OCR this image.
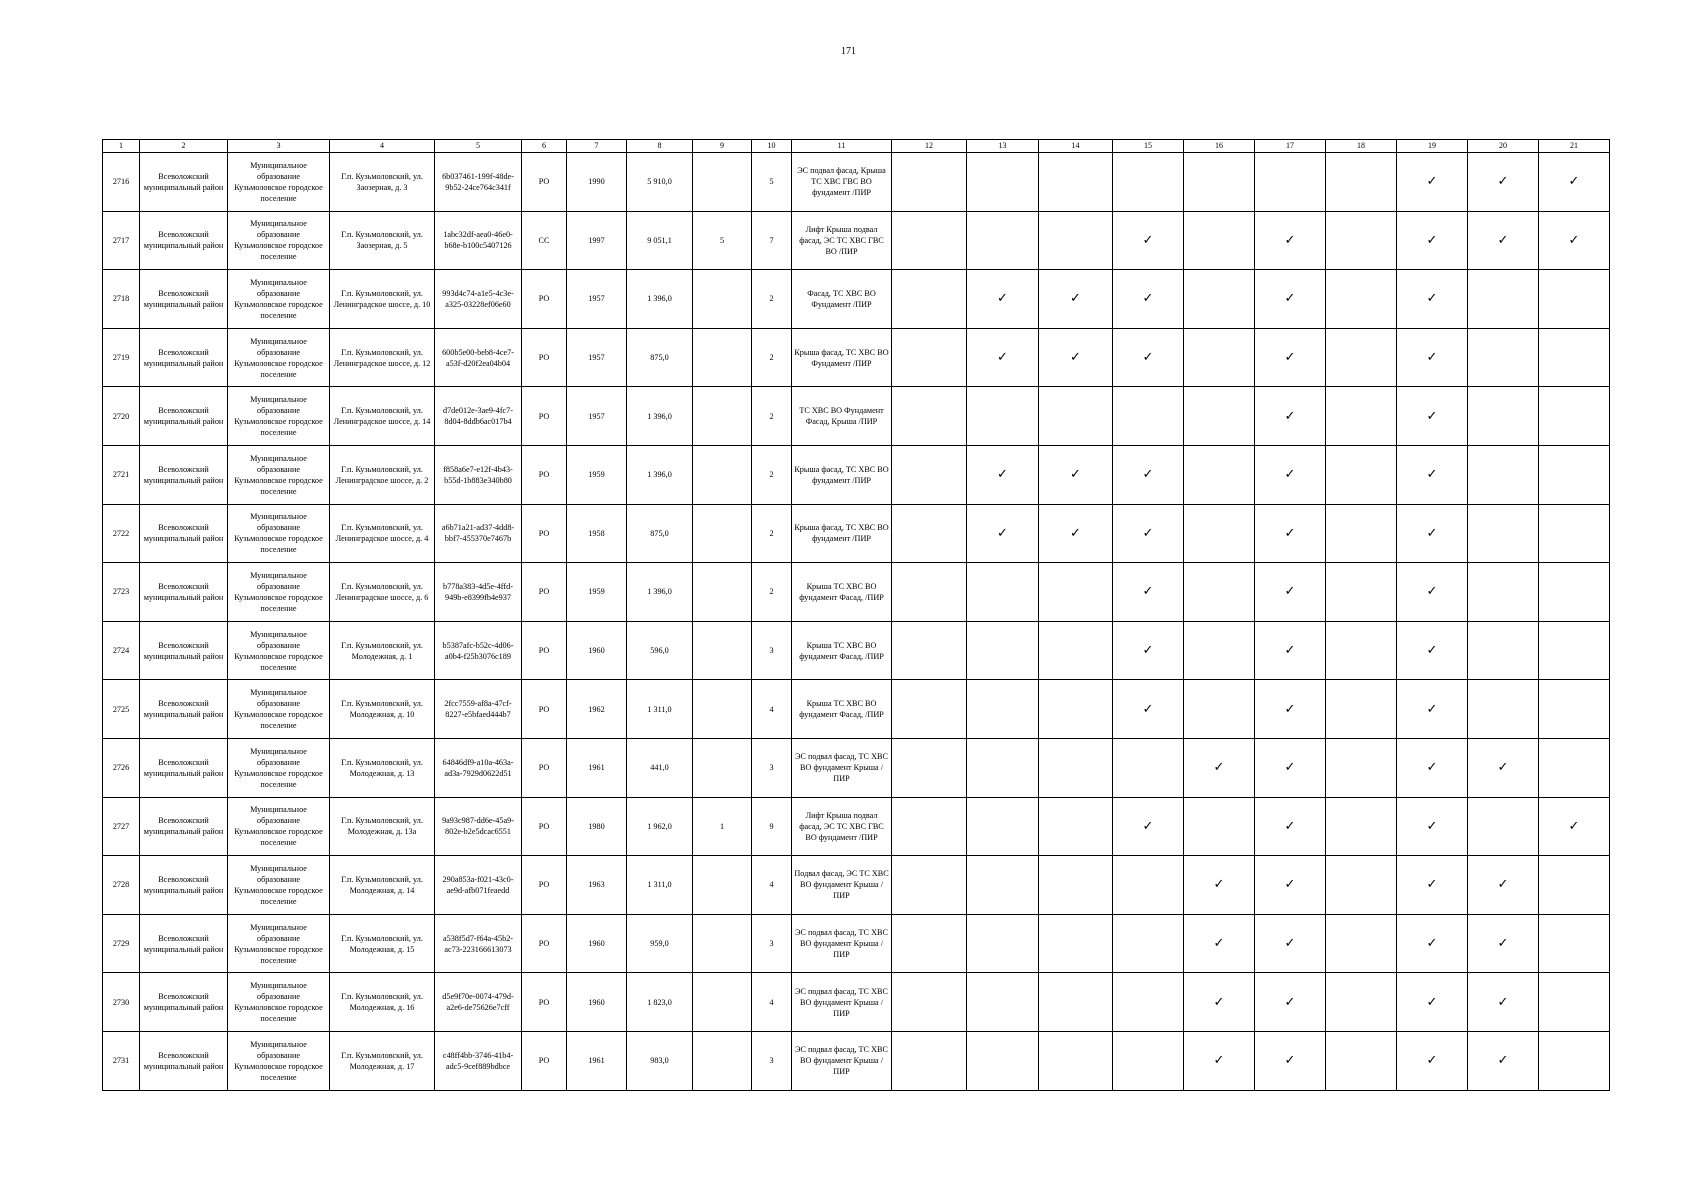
171
1	2	3	4	5	6	7	8	9	10	11	12	13	14	15	16	17	18	19	20	21
2716	Всеволожский муниципальный район	Муниципальное образование Кузьмоловское городское поселение	Г.п. Кузьмоловский, ул. Заозерная, д. 3	6b037461-199f-48de-9b52-24ce764c341f	РО	1990	5 910,0		5	ЭС подвал фасад, Крыша ТС ХВС ГВС ВО фундамент /ПИР								✓	✓	✓
2717	Всеволожский муниципальный район	Муниципальное образование Кузьмоловское городское поселение	Г.п. Кузьмоловский, ул. Заозерная, д. 5	1abc32df-aea0-46e0-b68e-b100c5407126	СС	1997	9 051,1	5	7	Лифт Крыша подвал фасад, ЭС ТС ХВС ГВС ВО /ПИР				✓		✓		✓	✓	✓
2718	Всеволожский муниципальный район	Муниципальное образование Кузьмоловское городское поселение	Г.п. Кузьмоловский, ул. Ленинградское шоссе, д. 10	993d4c74-a1e5-4c3e-a325-03228ef06e60	РО	1957	1 396,0		2	Фасад, ТС ХВС ВО Фундамент /ПИР		✓	✓	✓		✓		✓		
2719	Всеволожский муниципальный район	Муниципальное образование Кузьмоловское городское поселение	Г.п. Кузьмоловский, ул. Ленинградское шоссе, д. 12	600b5e00-beb8-4ce7-a53f-d20f2ea04b04	РО	1957	875,0		2	Крыша фасад, ТС ХВС ВО Фундамент /ПИР		✓	✓	✓		✓		✓		
2720	Всеволожский муниципальный район	Муниципальное образование Кузьмоловское городское поселение	Г.п. Кузьмоловский, ул. Ленинградское шоссе, д. 14	d7de012e-3ae9-4fc7-8d04-8ddb6ac017b4	РО	1957	1 396,0		2	ТС ХВС ВО Фундамент Фасад, Крыша /ПИР						✓		✓		
2721	Всеволожский муниципальный район	Муниципальное образование Кузьмоловское городское поселение	Г.п. Кузьмоловский, ул. Ленинградское шоссе, д. 2	f858a6e7-e12f-4b43-b55d-1b883e340b80	РО	1959	1 396,0		2	Крыша фасад, ТС ХВС ВО фундамент /ПИР		✓	✓	✓		✓		✓		
2722	Всеволожский муниципальный район	Муниципальное образование Кузьмоловское городское поселение	Г.п. Кузьмоловский, ул. Ленинградское шоссе, д. 4	a6b71a21-ad37-4dd8-bbf7-455370e7467b	РО	1958	875,0		2	Крыша фасад, ТС ХВС ВО фундамент /ПИР		✓	✓	✓		✓		✓		
2723	Всеволожский муниципальный район	Муниципальное образование Кузьмоловское городское поселение	Г.п. Кузьмоловский, ул. Ленинградское шоссе, д. 6	b778a383-4d5e-4ffd-949b-e8399fb4e937	РО	1959	1 396,0		2	Крыша ТС ХВС ВО фундамент Фасад, /ПИР				✓		✓		✓		
2724	Всеволожский муниципальный район	Муниципальное образование Кузьмоловское городское поселение	Г.п. Кузьмоловский, ул. Молодежная, д. 1	b5387afc-b52c-4d06-a0b4-f25b3076c189	РО	1960	596,0		3	Крыша ТС ХВС ВО фундамент Фасад, /ПИР				✓		✓		✓		
2725	Всеволожский муниципальный район	Муниципальное образование Кузьмоловское городское поселение	Г.п. Кузьмоловский, ул. Молодежная, д. 10	2fcc7559-af8a-47cf-8227-e5bfaed444b7	РО	1962	1 311,0		4	Крыша ТС ХВС ВО фундамент Фасад, /ПИР				✓		✓		✓		
2726	Всеволожский муниципальный район	Муниципальное образование Кузьмоловское городское поселение	Г.п. Кузьмоловский, ул. Молодежная, д. 13	64846df9-a10a-463a-ad3a-7929d0622d51	РО	1961	441,0		3	ЭС подвал фасад, ТС ХВС ВО фундамент Крыша /ПИР					✓	✓		✓	✓	
2727	Всеволожский муниципальный район	Муниципальное образование Кузьмоловское городское поселение	Г.п. Кузьмоловский, ул. Молодежная, д. 13а	9a93c987-dd6e-45a9-802e-b2e5dcac6551	РО	1980	1 962,0	1	9	Лифт Крыша подвал фасад, ЭС ТС ХВС ГВС ВО фундамент /ПИР				✓		✓		✓		✓
2728	Всеволожский муниципальный район	Муниципальное образование Кузьмоловское городское поселение	Г.п. Кузьмоловский, ул. Молодежная, д. 14	290a853a-f021-43c0-ae9d-afb071feaedd	РО	1963	1 311,0		4	Подвал фасад, ЭС ТС ХВС ВО фундамент Крыша /ПИР					✓	✓		✓	✓	
2729	Всеволожский муниципальный район	Муниципальное образование Кузьмоловское городское поселение	Г.п. Кузьмоловский, ул. Молодежная, д. 15	a538f5d7-f64a-45b2-ac73-223166613073	РО	1960	959,0		3	ЭС подвал фасад, ТС ХВС ВО фундамент Крыша /ПИР					✓	✓		✓	✓	
2730	Всеволожский муниципальный район	Муниципальное образование Кузьмоловское городское поселение	Г.п. Кузьмоловский, ул. Молодежная, д. 16	d5e9f70e-0074-479d-a2e6-de75626e7cff	РО	1960	1 823,0		4	ЭС подвал фасад, ТС ХВС ВО фундамент Крыша /ПИР					✓	✓		✓	✓	
2731	Всеволожский муниципальный район	Муниципальное образование Кузьмоловское городское поселение	Г.п. Кузьмоловский, ул. Молодежная, д. 17	c48ff4bb-3746-41b4-adc5-9cef889bdbce	РО	1961	983,0		3	ЭС подвал фасад, ТС ХВС ВО фундамент Крыша /ПИР					✓	✓		✓	✓	
